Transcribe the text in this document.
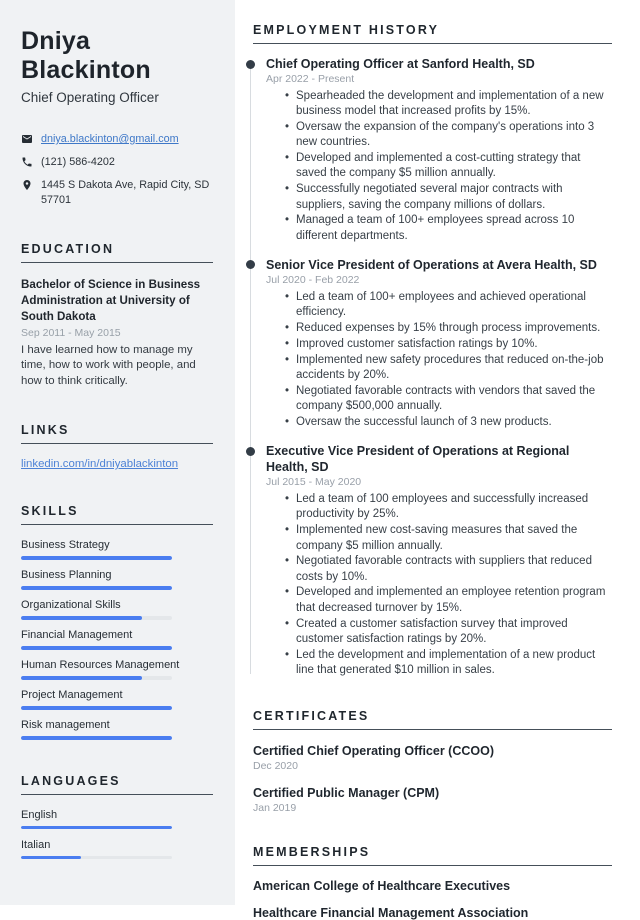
Dniya Blackinton
Chief Operating Officer
dniya.blackinton@gmail.com
(121) 586-4202
1445 S Dakota Ave, Rapid City, SD 57701
EDUCATION
Bachelor of Science in Business Administration at University of South Dakota
Sep 2011 - May 2015
I have learned how to manage my time, how to work with people, and how to think critically.
LINKS
linkedin.com/in/dniyablackinton
SKILLS
Business Strategy
Business Planning
Organizational Skills
Financial Management
Human Resources Management
Project Management
Risk management
LANGUAGES
English
Italian
EMPLOYMENT HISTORY
Chief Operating Officer at Sanford Health, SD
Apr 2022 - Present
• Spearheaded the development and implementation of a new business model that increased profits by 15%.
• Oversaw the expansion of the company's operations into 3 new countries.
• Developed and implemented a cost-cutting strategy that saved the company $5 million annually.
• Successfully negotiated several major contracts with suppliers, saving the company millions of dollars.
• Managed a team of 100+ employees spread across 10 different departments.
Senior Vice President of Operations at Avera Health, SD
Jul 2020 - Feb 2022
• Led a team of 100+ employees and achieved operational efficiency.
• Reduced expenses by 15% through process improvements.
• Improved customer satisfaction ratings by 10%.
• Implemented new safety procedures that reduced on-the-job accidents by 20%.
• Negotiated favorable contracts with vendors that saved the company $500,000 annually.
• Oversaw the successful launch of 3 new products.
Executive Vice President of Operations at Regional Health, SD
Jul 2015 - May 2020
• Led a team of 100 employees and successfully increased productivity by 25%.
• Implemented new cost-saving measures that saved the company $5 million annually.
• Negotiated favorable contracts with suppliers that reduced costs by 10%.
• Developed and implemented an employee retention program that decreased turnover by 15%.
• Created a customer satisfaction survey that improved customer satisfaction ratings by 20%.
• Led the development and implementation of a new product line that generated $10 million in sales.
CERTIFICATES
Certified Chief Operating Officer (CCOO)
Dec 2020
Certified Public Manager (CPM)
Jan 2019
MEMBERSHIPS
American College of Healthcare Executives
Healthcare Financial Management Association
